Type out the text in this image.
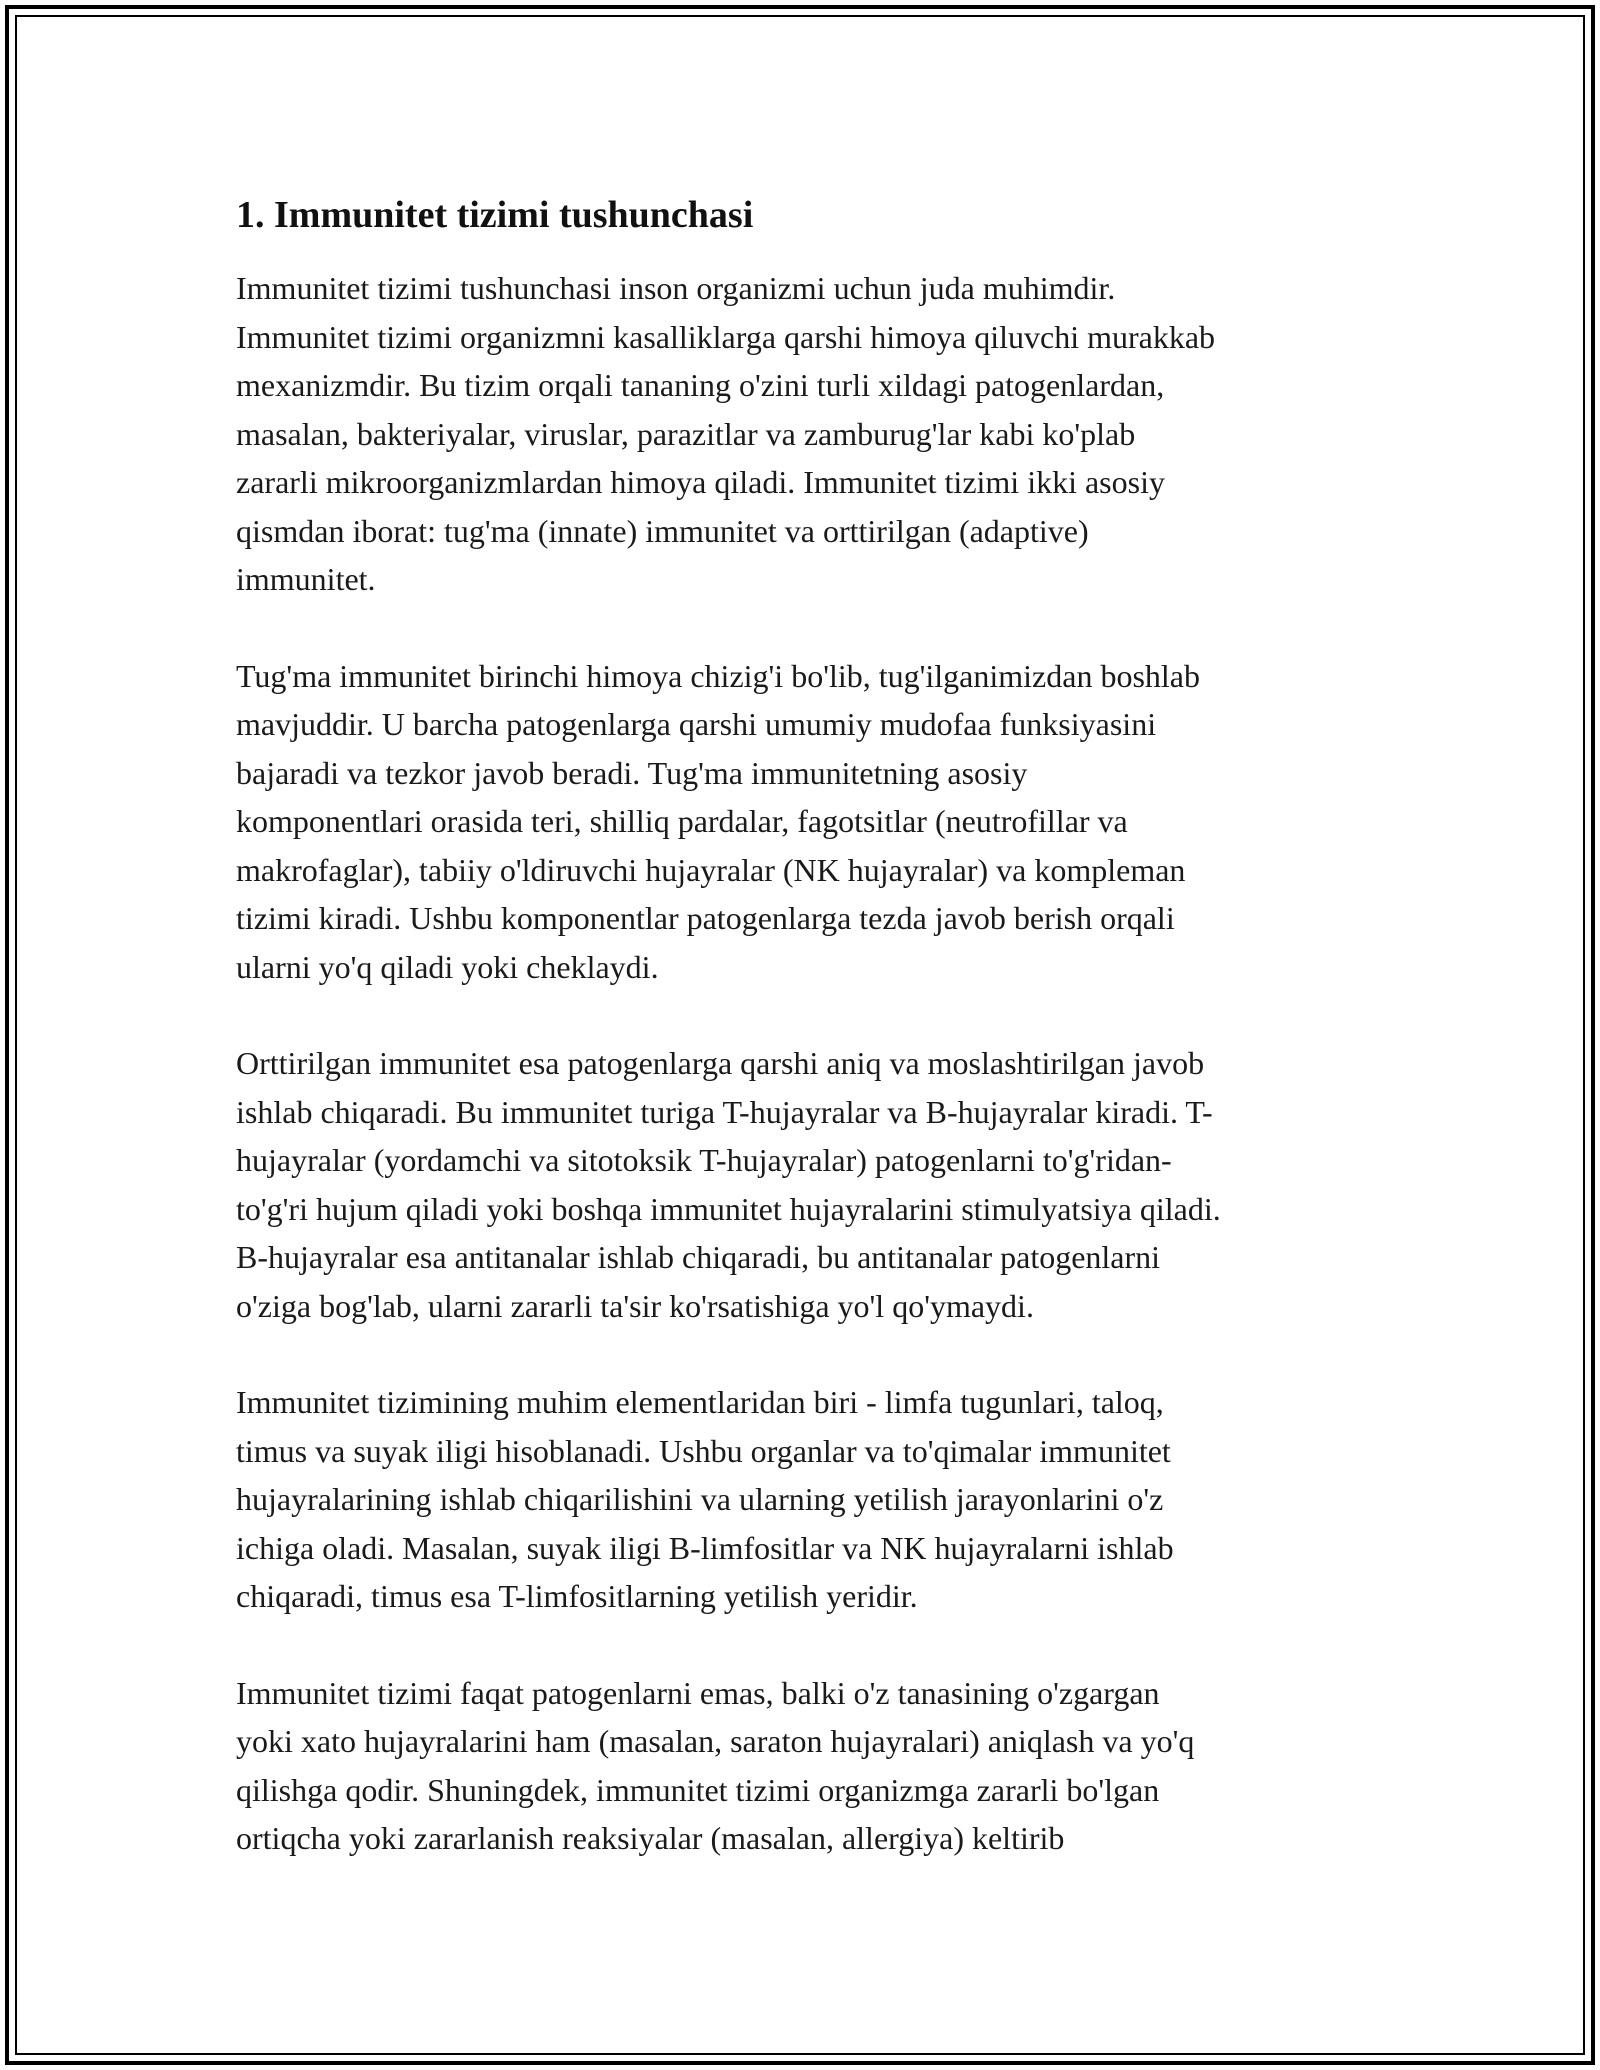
1. Immunitet tizimi tushunchasi

Immunitet tizimi tushunchasi inson organizmi uchun juda muhimdir.
Immunitet tizimi organizmni kasalliklarga qarshi himoya qiluvchi murakkab
mexanizmdir. Bu tizim orqali tananing o'zini turli xildagi patogenlardan,
masalan, bakteriyalar, viruslar, parazitlar va zamburug'lar kabi ko'plab
zararli mikroorganizmlardan himoya qiladi. Immunitet tizimi ikki asosiy
qismdan iborat: tug'ma (innate) immunitet va orttirilgan (adaptive)
immunitet.

Tug'ma immunitet birinchi himoya chizig'i bo'lib, tug'ilganimizdan boshlab
mavjuddir. U barcha patogenlarga qarshi umumiy mudofaa funksiyasini
bajaradi va tezkor javob beradi. Tug'ma immunitetning asosiy
komponentlari orasida teri, shilliq pardalar, fagotsitlar (neutrofillar va
makrofaglar), tabiiy o'ldiruvchi hujayralar (NK hujayralar) va kompleman
tizimi kiradi. Ushbu komponentlar patogenlarga tezda javob berish orqali
ularni yo'q qiladi yoki cheklaydi.

Orttirilgan immunitet esa patogenlarga qarshi aniq va moslashtirilgan javob
ishlab chiqaradi. Bu immunitet turiga T-hujayralar va B-hujayralar kiradi. T-
hujayralar (yordamchi va sitotoksik T-hujayralar) patogenlarni to'g'ridan-
to'g'ri hujum qiladi yoki boshqa immunitet hujayralarini stimulyatsiya qiladi.
B-hujayralar esa antitanalar ishlab chiqaradi, bu antitanalar patogenlarni
o'ziga bog'lab, ularni zararli ta'sir ko'rsatishiga yo'l qo'ymaydi.

Immunitet tizimining muhim elementlaridan biri - limfa tugunlari, taloq,
timus va suyak iligi hisoblanadi. Ushbu organlar va to'qimalar immunitet
hujayralarining ishlab chiqarilishini va ularning yetilish jarayonlarini o'z
ichiga oladi. Masalan, suyak iligi B-limfositlar va NK hujayralarni ishlab
chiqaradi, timus esa T-limfositlarning yetilish yeridir.

Immunitet tizimi faqat patogenlarni emas, balki o'z tanasining o'zgargan
yoki xato hujayralarini ham (masalan, saraton hujayralari) aniqlash va yo'q
qilishga qodir. Shuningdek, immunitet tizimi organizmga zararli bo'lgan
ortiqcha yoki zararlanish reaksiyalar (masalan, allergiya) keltirib
